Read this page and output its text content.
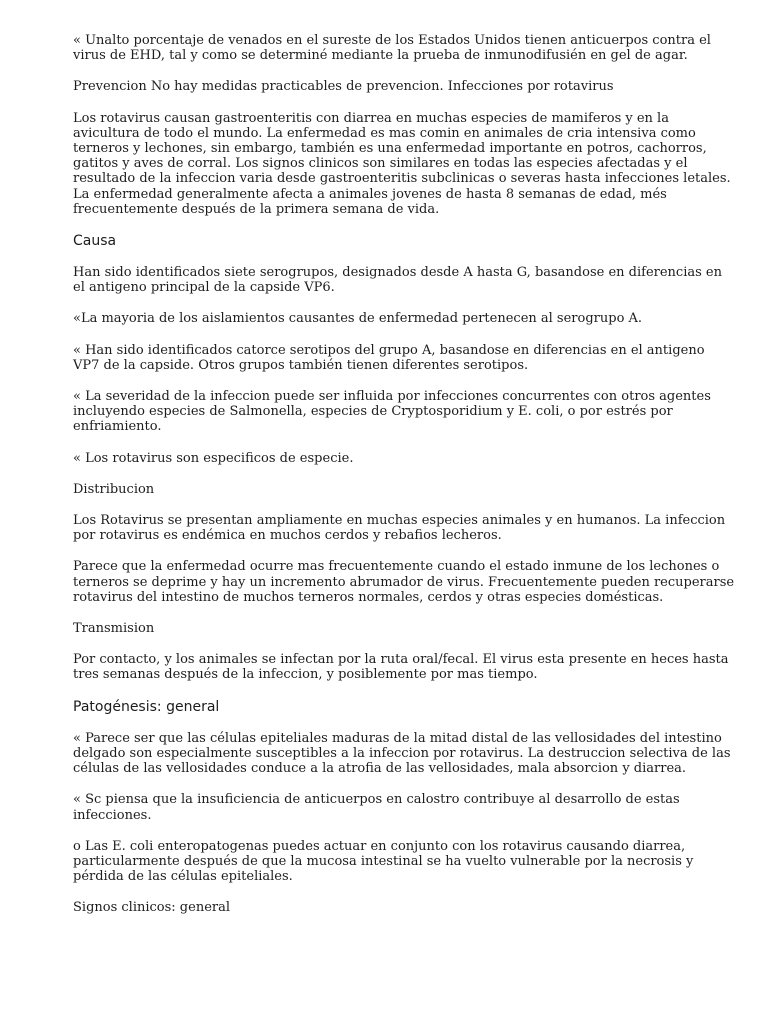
« Unalto porcentaje de venados en el sureste de los Estados Unidos tienen anticuerpos contra el virus de EHD, tal y como se determiné mediante la prueba de inmunodifusién en gel de agar.

Prevencion No hay medidas practicables de prevencion. Infecciones por rotavirus

Los rotavirus causan gastroenteritis con diarrea en muchas especies de mamiferos y en la avicultura de todo el mundo. La enfermedad es mas comin en animales de cria intensiva como terneros y lechones, sin embargo, también es una enfermedad importante en potros, cachorros, gatitos y aves de corral. Los signos clinicos son similares en todas las especies afectadas y el resultado de la infeccion varia desde gastroenteritis subclinicas o severas hasta infecciones letales. La enfermedad generalmente afecta a animales jovenes de hasta 8 semanas de edad, més frecuentemente después de la primera semana de vida.

Causa

Han sido identificados siete serogrupos, designados desde A hasta G, basandose en diferencias en el antigeno principal de la capside VP6.

«La mayoria de los aislamientos causantes de enfermedad pertenecen al serogrupo A.

« Han sido identificados catorce serotipos del grupo A, basandose en diferencias en el antigeno VP7 de la capside. Otros grupos también tienen diferentes serotipos.

« La severidad de la infeccion puede ser influida por infecciones concurrentes con otros agentes incluyendo especies de Salmonella, especies de Cryptosporidium y E. coli, o por estrés por enfriamiento.

« Los rotavirus son especificos de especie.

Distribucion

Los Rotavirus se presentan ampliamente en muchas especies animales y en humanos. La infeccion por rotavirus es endémica en muchos cerdos y rebafios lecheros.

Parece que la enfermedad ocurre mas frecuentemente cuando el estado inmune de los lechones o terneros se deprime y hay un incremento abrumador de virus. Frecuentemente pueden recuperarse rotavirus del intestino de muchos terneros normales, cerdos y otras especies domésticas.

Transmision

Por contacto, y los animales se infectan por la ruta oral/fecal. El virus esta presente en heces hasta tres semanas después de la infeccion, y posiblemente por mas tiempo.

Patogénesis: general

« Parece ser que las células epiteliales maduras de la mitad distal de las vellosidades del intestino delgado son especialmente susceptibles a la infeccion por rotavirus. La destruccion selectiva de las células de las vellosidades conduce a la atrofia de las vellosidades, mala absorcion y diarrea.

« Sc piensa que la insuficiencia de anticuerpos en calostro contribuye al desarrollo de estas infecciones.

o Las E. coli enteropatogenas puedes actuar en conjunto con los rotavirus causando diarrea, particularmente después de que la mucosa intestinal se ha vuelto vulnerable por la necrosis y pérdida de las células epiteliales.

Signos clinicos: general
